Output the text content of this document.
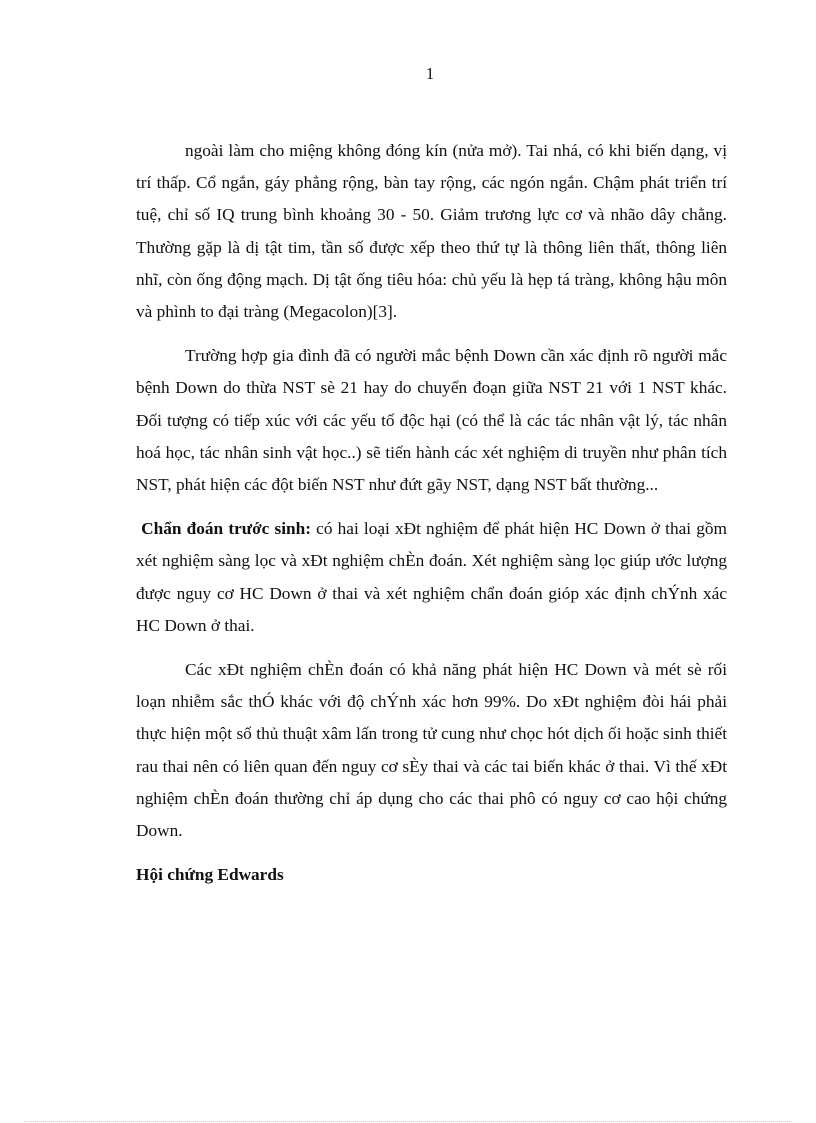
1

ngoài làm cho miệng không đóng kín (nửa mở). Tai nhá, có khi biến dạng, vị trí thấp. Cổ ngắn, gáy phẳng rộng, bàn tay rộng, các ngón ngắn. Chậm phát triển trí tuệ, chỉ số IQ trung bình khoảng 30 - 50. Giảm trương lực cơ và nhão dây chằng. Thường gặp là dị tật tim, tần số được xếp theo thứ tự là thông liên thất, thông liên nhĩ, còn ống động mạch. Dị tật ống tiêu hóa: chủ yếu là hẹp tá tràng, không hậu môn và phình to đại tràng (Megacolon)[3].

Trường hợp gia đình đã có người mắc bệnh Down cần xác định rõ người mắc bệnh Down do thừa NST sè 21 hay do chuyển đoạn giữa NST 21 với 1 NST khác. Đối tượng có tiếp xúc với các yếu tố độc hại (có thể là các tác nhân vật lý, tác nhân hoá học, tác nhân sinh vật học..) sẽ tiến hành các xét nghiệm di truyền như phân tích NST, phát hiện các đột biến NST như đứt gãy NST, dạng NST bất thường...

Chẩn đoán trước sinh: có hai loại xÐt nghiệm để phát hiện HC Down ở thai gồm xét nghiệm sàng lọc và xÐt nghiệm chÈn đoán. Xét nghiệm sàng lọc giúp ước lượng được nguy cơ HC Down ở thai và xét nghiệm chẩn đoán gióp xác định chÝnh xác HC Down ở thai.

Các xÐt nghiệm chÈn đoán có khả năng phát hiện HC Down và mét sè rối loạn nhiễm sắc thÓ khác với độ chÝnh xác hơn 99%. Do xÐt nghiệm đòi hái phải thực hiện một số thủ thuật xâm lấn trong tử cung như chọc hót dịch ối hoặc sinh thiết rau thai nên có liên quan đến nguy cơ sÈy thai và các tai biến khác ở thai. Vì thế xÐt nghiệm chÈn đoán thường chỉ áp dụng cho các thai phô có nguy cơ cao hội chứng Down.

Hội chứng Edwards
